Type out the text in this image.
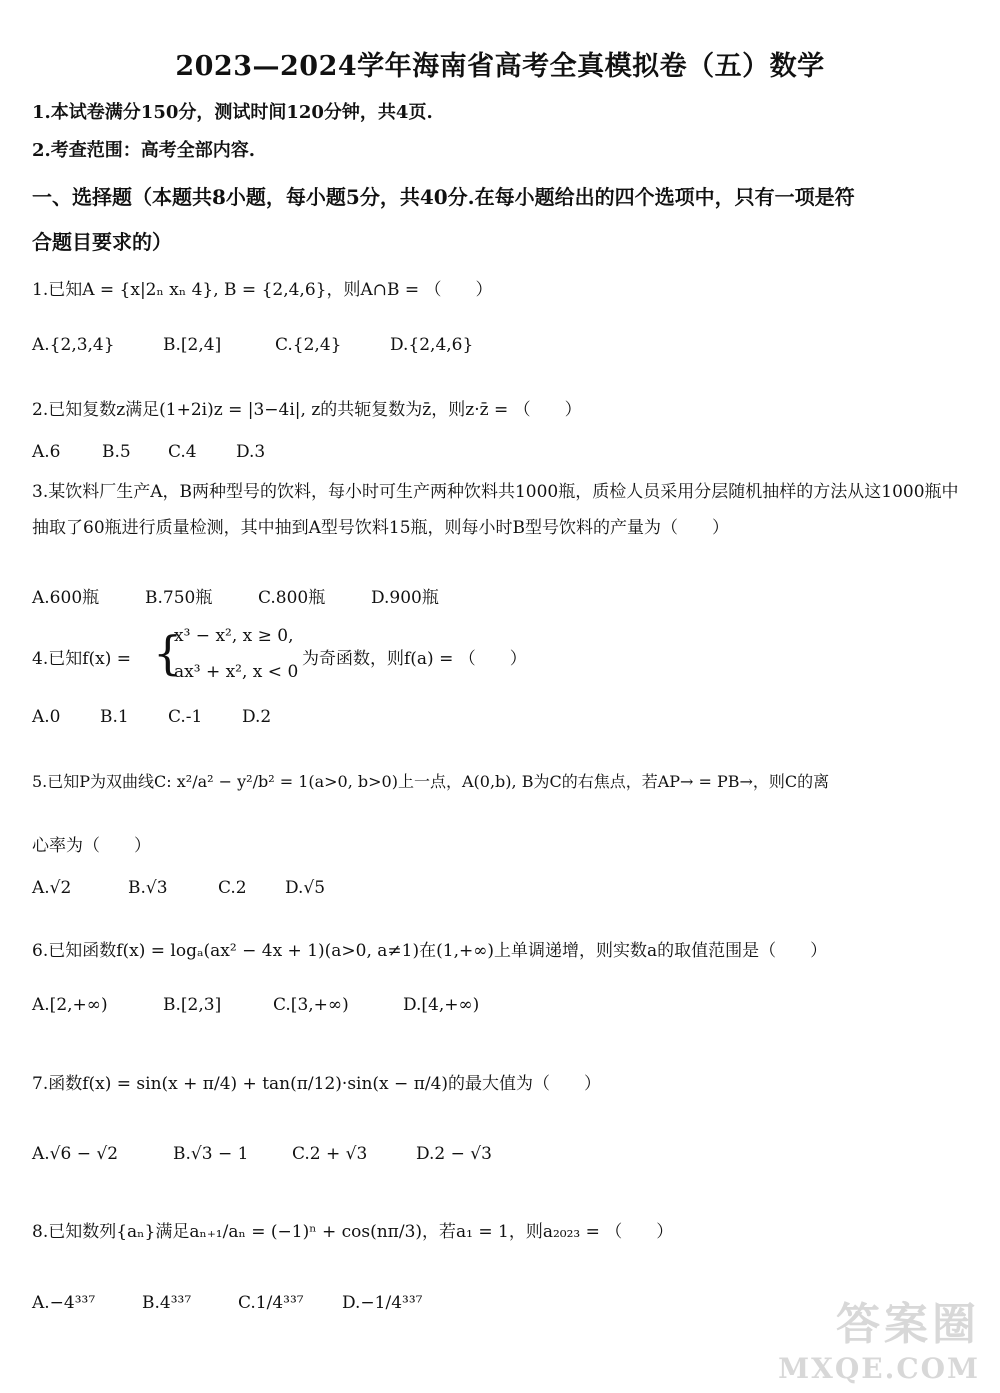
2023—2024学年海南省高考全真模拟卷（五）数学
1.本试卷满分150分，测试时间120分钟，共4页.
2.考查范围：高考全部内容.
一、选择题（本题共8小题，每小题5分，共40分.在每小题给出的四个选项中，只有一项是符
合题目要求的）
1.已知A = {x|2ₙ xₙ 4}, B = {2,4,6}，则A∩B = （　　）
A.{2,3,4}	B.[2,4]	C.{2,4}	D.{2,4,6}
2.已知复数z满足(1+2i)z = |3−4i|, z的共轭复数为z̄，则z·z̄ = （　　）
A.6 B.5 C.4 D.3
3.某饮料厂生产A，B两种型号的饮料，每小时可生产两种饮料共1000瓶，质检人员采用分层随机抽样的方法从这1000瓶中抽取了60瓶进行质量检测，其中抽到A型号饮料15瓶，则每小时B型号饮料的产量为（　　）
A.600瓶	B.750瓶	C.800瓶	D.900瓶
4.已知f(x) = {
x³ − x², x ≥ 0,
ax³ + x², x < 0
为奇函数，则f(a) = （　　）
A.0 B.1 C.-1 D.2
5.已知P为双曲线C: x²/a² − y²/b² = 1(a>0, b>0)上一点，A(0,b), B为C的右焦点，若AP→ = PB→，则C的离
心率为（　　）
A.√2	B.√3	C.2 D.√5
6.已知函数f(x) = logₐ(ax² − 4x + 1)(a>0, a≠1)在(1,+∞)上单调递增，则实数a的取值范围是（　　）
A.[2,+∞)	B.[2,3]	C.[3,+∞)	D.[4,+∞)
7.函数f(x) = sin(x + π/4) + tan(π/12)·sin(x − π/4)的最大值为（　　）
A.√6 − √2	B.√3 − 1	C.2 + √3	D.2 − √3
8.已知数列{aₙ}满足aₙ₊₁/aₙ = (−1)ⁿ + cos(nπ/3)，若a₁ = 1，则a₂₀₂₃ = （　　）
A.−4³³⁷	B.4³³⁷	C.1/4³³⁷ D.−1/4³³⁷	答案圈
MXQE.COM
